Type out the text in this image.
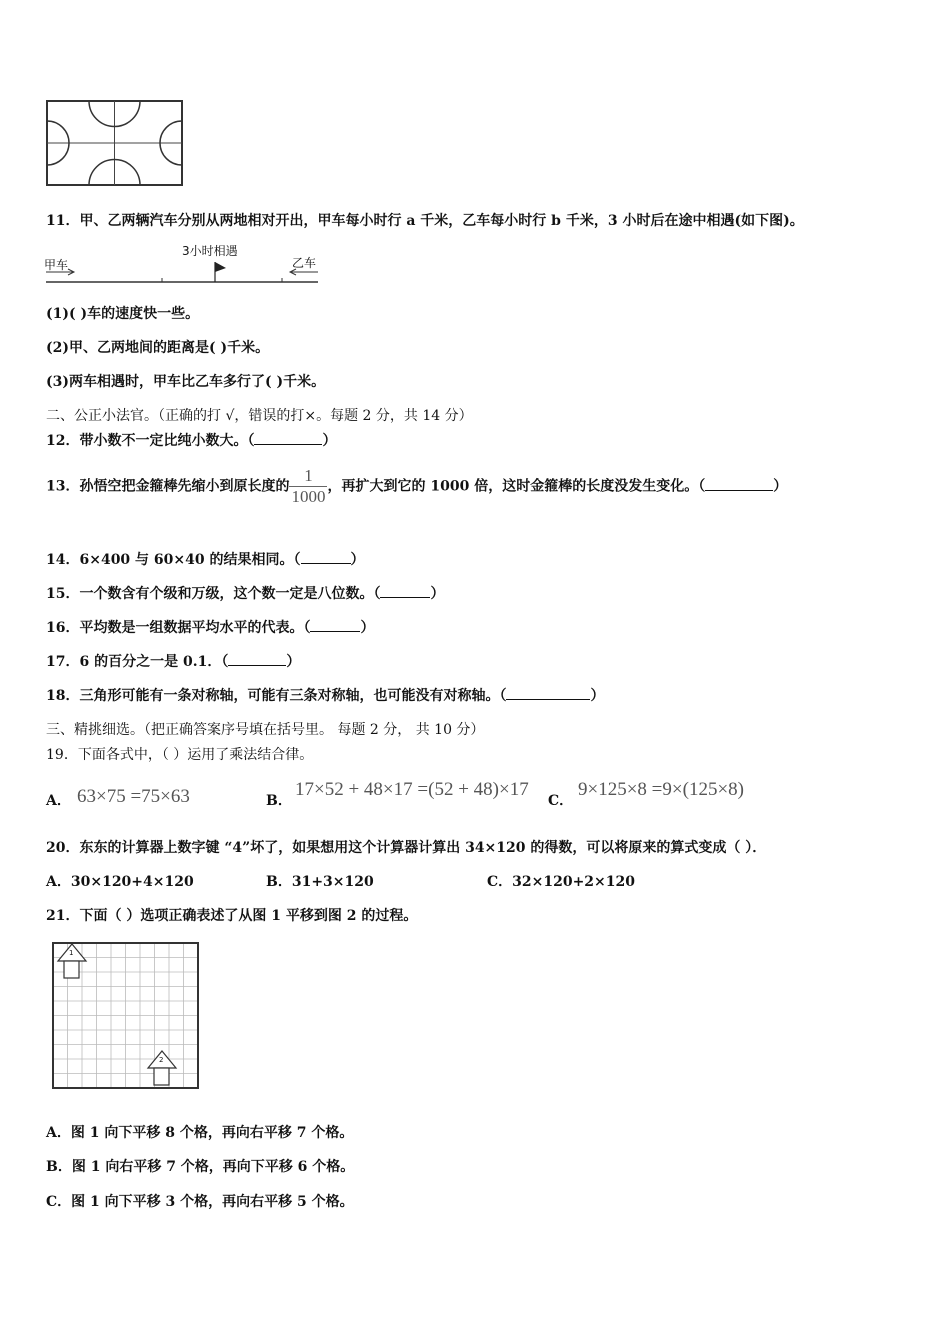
11．甲、乙两辆汽车分别从两地相对开出，甲车每小时行 a 千米，乙车每小时行 b 千米，3 小时后在途中相遇(如下图)。
甲车	乙车
3小时相遇
(1)( )车的速度快一些。
(2)甲、乙两地间的距离是( )千米。
(3)两车相遇时，甲车比乙车多行了( )千米。
二、公正小法官。（正确的打 √，错误的打×。每题 2 分，共 14 分）
12．带小数不一定比纯小数大。（	）
13．孙悟空把金箍棒先缩小到原长度的 $\frac{1}{1000}$ ，再扩大到它的 1000 倍，这时金箍棒的长度没发生变化。（	）
14．6×400 与 60×40 的结果相同。（	）
15．一个数含有个级和万级，这个数一定是八位数。（	）
16．平均数是一组数据平均水平的代表。（	）
17．6 的百分之一是 0.1．（	）
18．三角形可能有一条对称轴，可能有三条对称轴，也可能没有对称轴。（	）
三、精挑细选。（把正确答案序号填在括号里。 每题 2 分， 共 10 分）
19．下面各式中，（ ）运用了乘法结合律。
A． 63×75 =75×63	B．
17×52 + 48×17 =(52 + 48)×17
C．
9×125×8 =9×(125×8)
20．东东的计算器上数字键 “4”坏了，如果想用这个计算器计算出 34×120 的得数，可以将原来的算式变成（ ）．
A．30×120+4×120	B．31+3×120	C．32×120+2×120
21．下面（ ）选项正确表述了从图 1 平移到图 2 的过程。
1
2
A．图 1 向下平移 8 个格，再向右平移 7 个格。
B．图 1 向右平移 7 个格，再向下平移 6 个格。
C．图 1 向下平移 3 个格，再向右平移 5 个格。
